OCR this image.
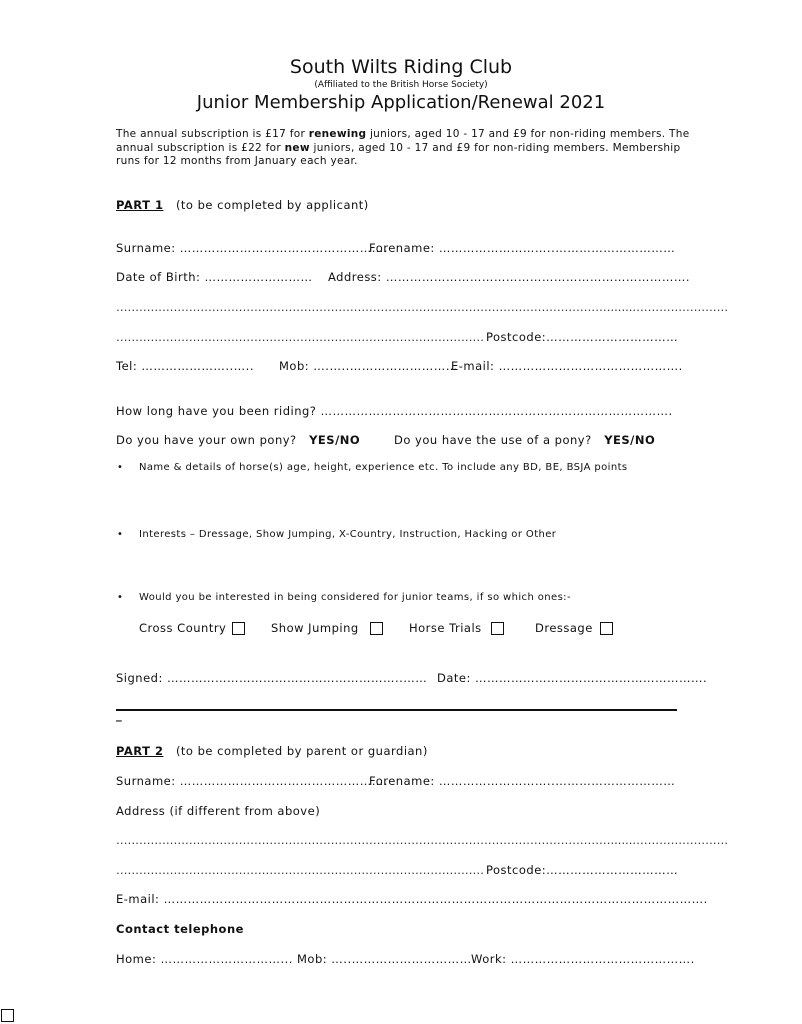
South Wilts Riding Club
(Affiliated to the British Horse Society)
Junior Membership Application/Renewal 2021
The annual subscription is £17 for renewing juniors, aged 10 - 17 and £9 for non-riding members. The annual subscription is £22 for new juniors, aged 10 - 17 and £9 for non-riding members. Membership runs for 12 months from January each year.
PART 1 (to be completed by applicant)
Surname: …………………………………………….
Forename: ………………………..…………………………
Date of Birth: ……………………… Address: ………………………………………………………………….
………………………………………………………………………………………………………………….......……………………
…………………………………………………………………………………… Postcode:……………………………
Tel: …………………..….. Mob: ….…..………………………
E-mail: ……………………………………….
How long have you been riding? …………………………………………………………………………….
Do you have your own pony? YES/NO	Do you have the use of a pony? YES/NO
• Name & details of horse(s) age, height, experience etc. To include any BD, BE, BSJA points
• Interests – Dressage, Show Jumping, X-Country, Instruction, Hacking or Other
• Would you be interested in being considered for junior teams, if so which ones:-
Cross Country	Show Jumping	Horse Trials	Dressage
Signed: …………………………………………………..…… Date: ………………………………………………….
_
PART 2 (to be completed by parent or guardian)
Surname: …………………………………………….
Forename: ………………………..…………………………
Address (if different from above)
………………………………………………………………………………………………………………….......……………………
…………………………………………………………………………………… Postcode:……………………………
E-mail: ……………………………………………………………………………………………………………………….
Contact telephone
Home: …………………………... Mob: …..………………………… Work: ……………………………………….
